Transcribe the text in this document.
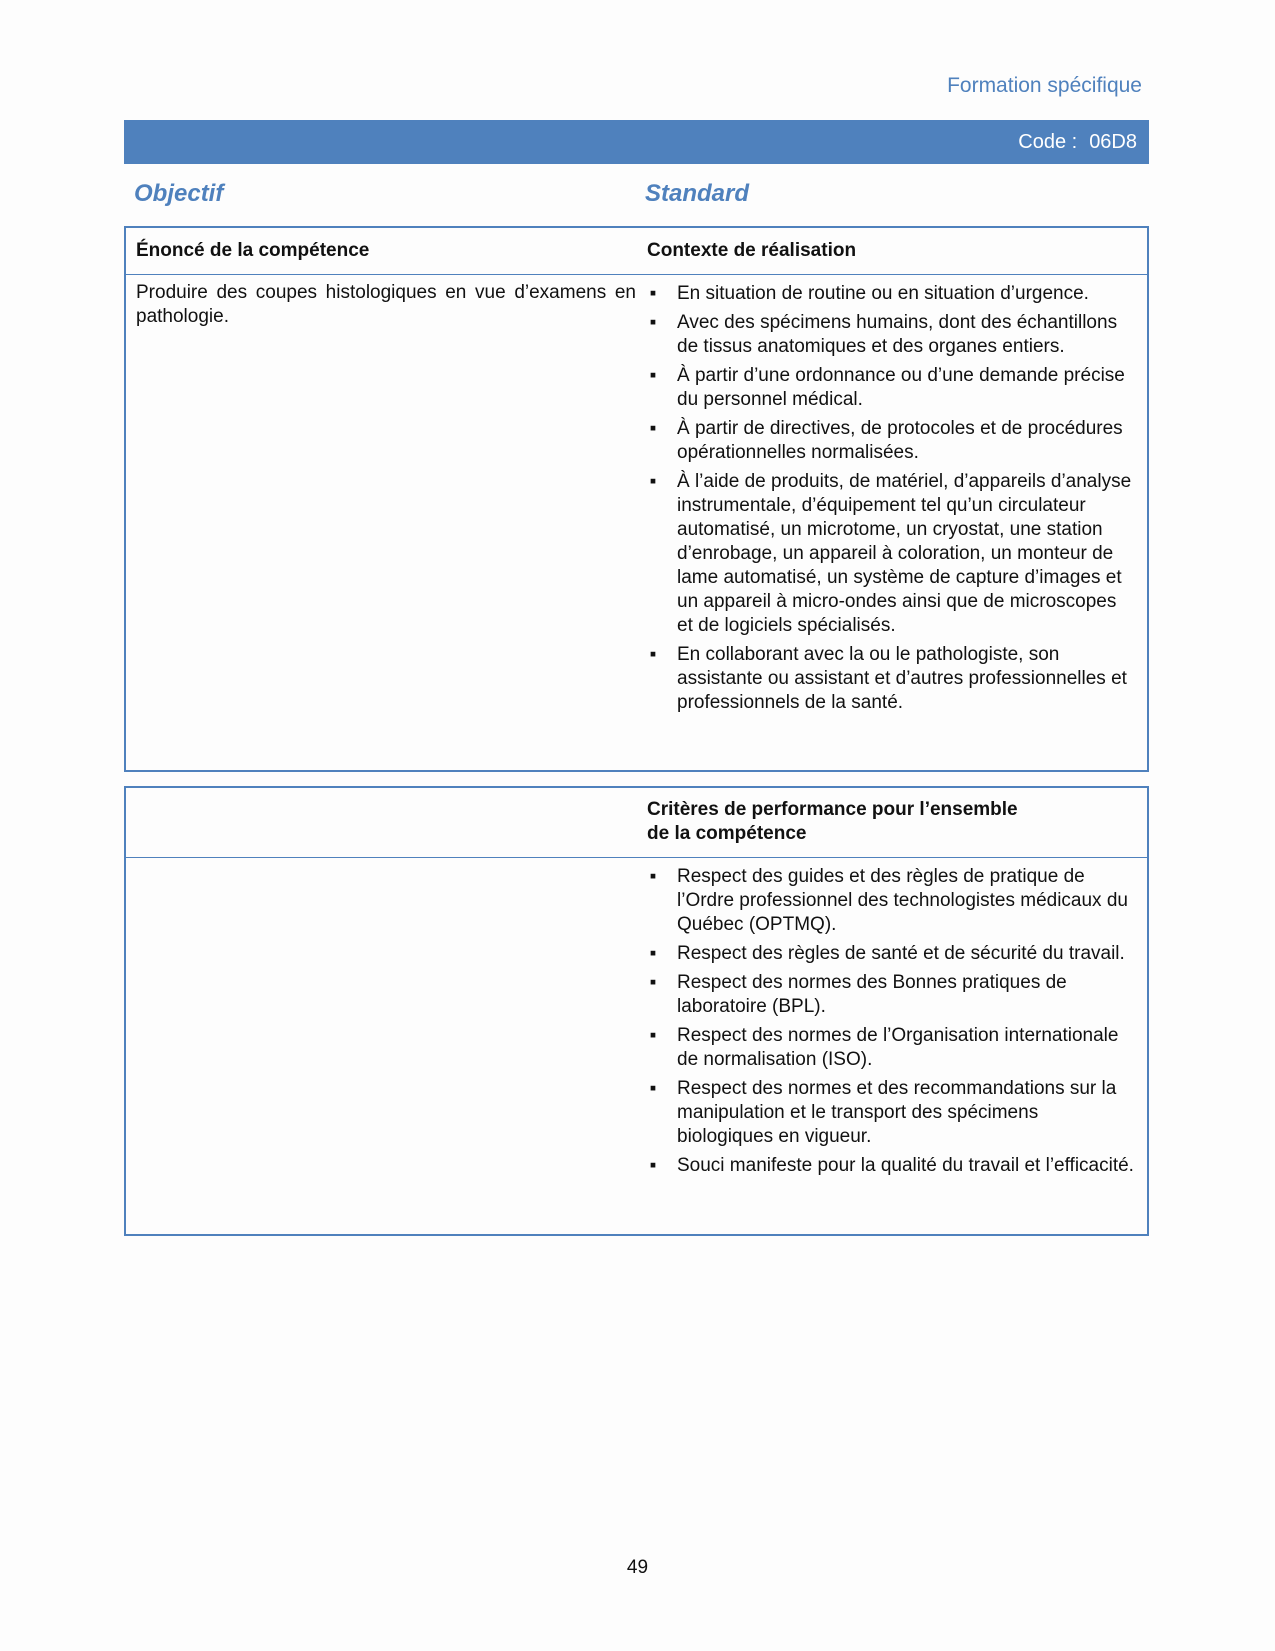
Formation spécifique
Code : 06D8
Objectif	Standard
Énoncé de la compétence	Contexte de réalisation
Produire des coupes histologiques en vue d’examens en pathologie.
▪ En situation de routine ou en situation d’urgence.
▪ Avec des spécimens humains, dont des échantillons de tissus anatomiques et des organes entiers.
▪ À partir d’une ordonnance ou d’une demande précise du personnel médical.
▪ À partir de directives, de protocoles et de procédures opérationnelles normalisées.
▪ À l’aide de produits, de matériel, d’appareils d’analyse instrumentale, d’équipement tel qu’un circulateur automatisé, un microtome, un cryostat, une station d’enrobage, un appareil à coloration, un monteur de lame automatisé, un système de capture d’images et un appareil à micro-ondes ainsi que de microscopes et de logiciels spécialisés.
▪ En collaborant avec la ou le pathologiste, son assistante ou assistant et d’autres professionnelles et professionnels de la santé.
Critères de performance pour l’ensemble
de la compétence
▪ Respect des guides et des règles de pratique de l’Ordre professionnel des technologistes médicaux du Québec (OPTMQ).
▪ Respect des règles de santé et de sécurité du travail.
▪ Respect des normes des Bonnes pratiques de laboratoire (BPL).
▪ Respect des normes de l’Organisation internationale de normalisation (ISO).
▪ Respect des normes et des recommandations sur la manipulation et le transport des spécimens biologiques en vigueur.
▪ Souci manifeste pour la qualité du travail et l’efficacité.
49
